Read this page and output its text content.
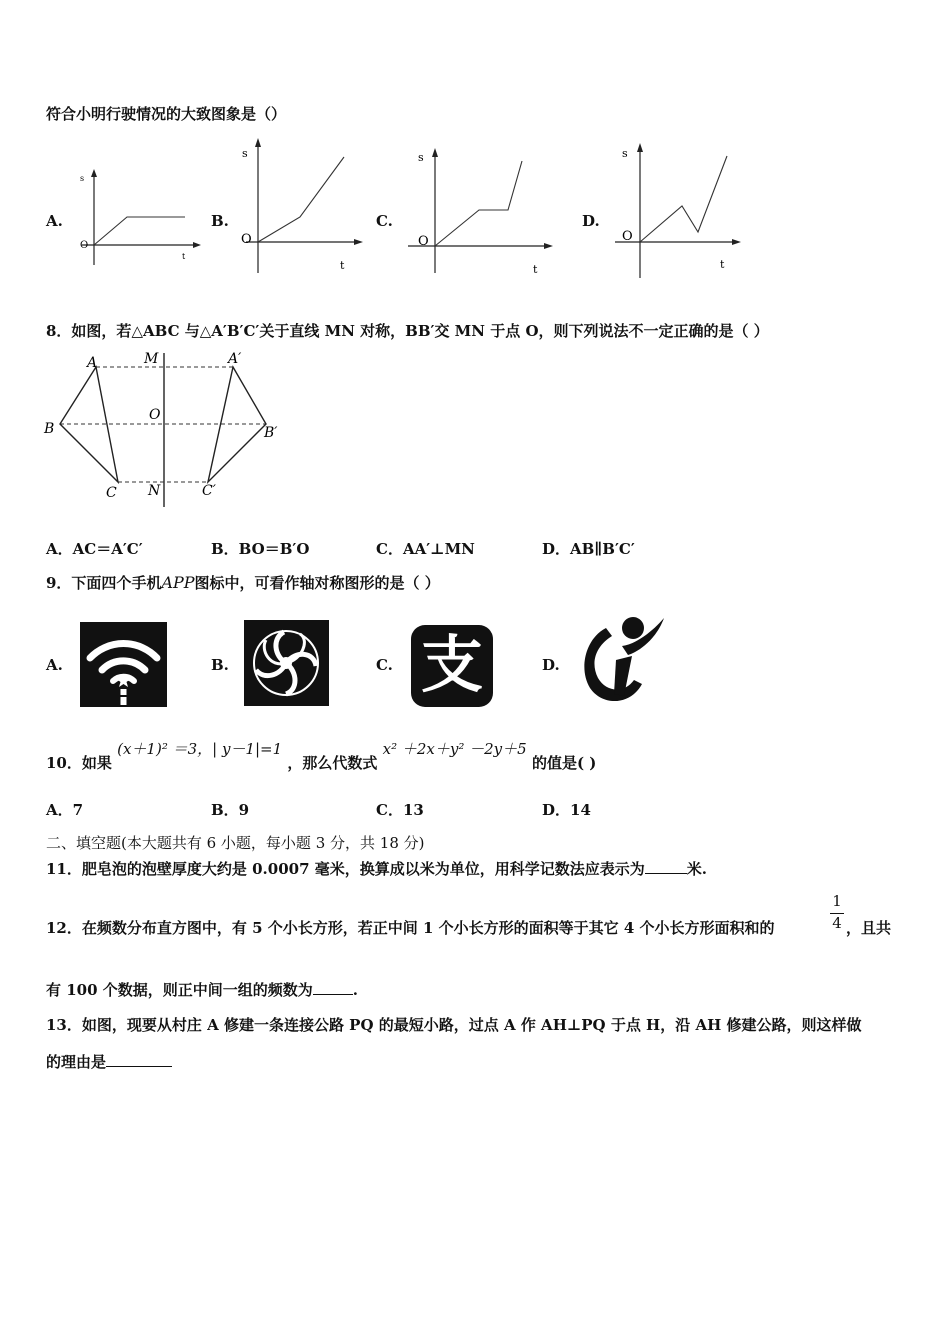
符合小明行驶情况的大致图象是（）
A.	B.	C.	D.
s
O
t
s
O
t
s
O
t
s
O
t
8．如图，若△ABC 与△A′B′C′关于直线 MN 对称，BB′交 MN 于点 O，则下列说法不一定正确的是（ ）
A	M	A′
B
O
B′
C N	C′
A．AC＝A′C′	B．BO＝B′O	C．AA′⊥MN	D．AB∥B′C′
9．下面四个手机APP图标中，可看作轴对称图形的是（ ）
A.	B.	C.	D.
支
10．如果 (x＋1)² ＝3，| y－1|=1 ，那么代数式 x² ＋2x＋y² －2y＋5 的值是( )
A．7	B．9	C．13	D．14
二、填空题(本大题共有 6 小题，每小题 3 分，共 18 分)
11．肥皂泡的泡壁厚度大约是 0.0007 毫米，换算成以米为单位，用科学记数法应表示为	米.
12．在频数分布直方图中，有 5 个小长方形，若正中间 1 个小长方形的面积等于其它 4 个小长方形面积和的
1
4 ，且共
有 100 个数据，则正中间一组的频数为	.
13．如图，现要从村庄 A 修建一条连接公路 PQ 的最短小路，过点 A 作 AH⊥PQ 于点 H，沿 AH 修建公路，则这样做
的理由是
